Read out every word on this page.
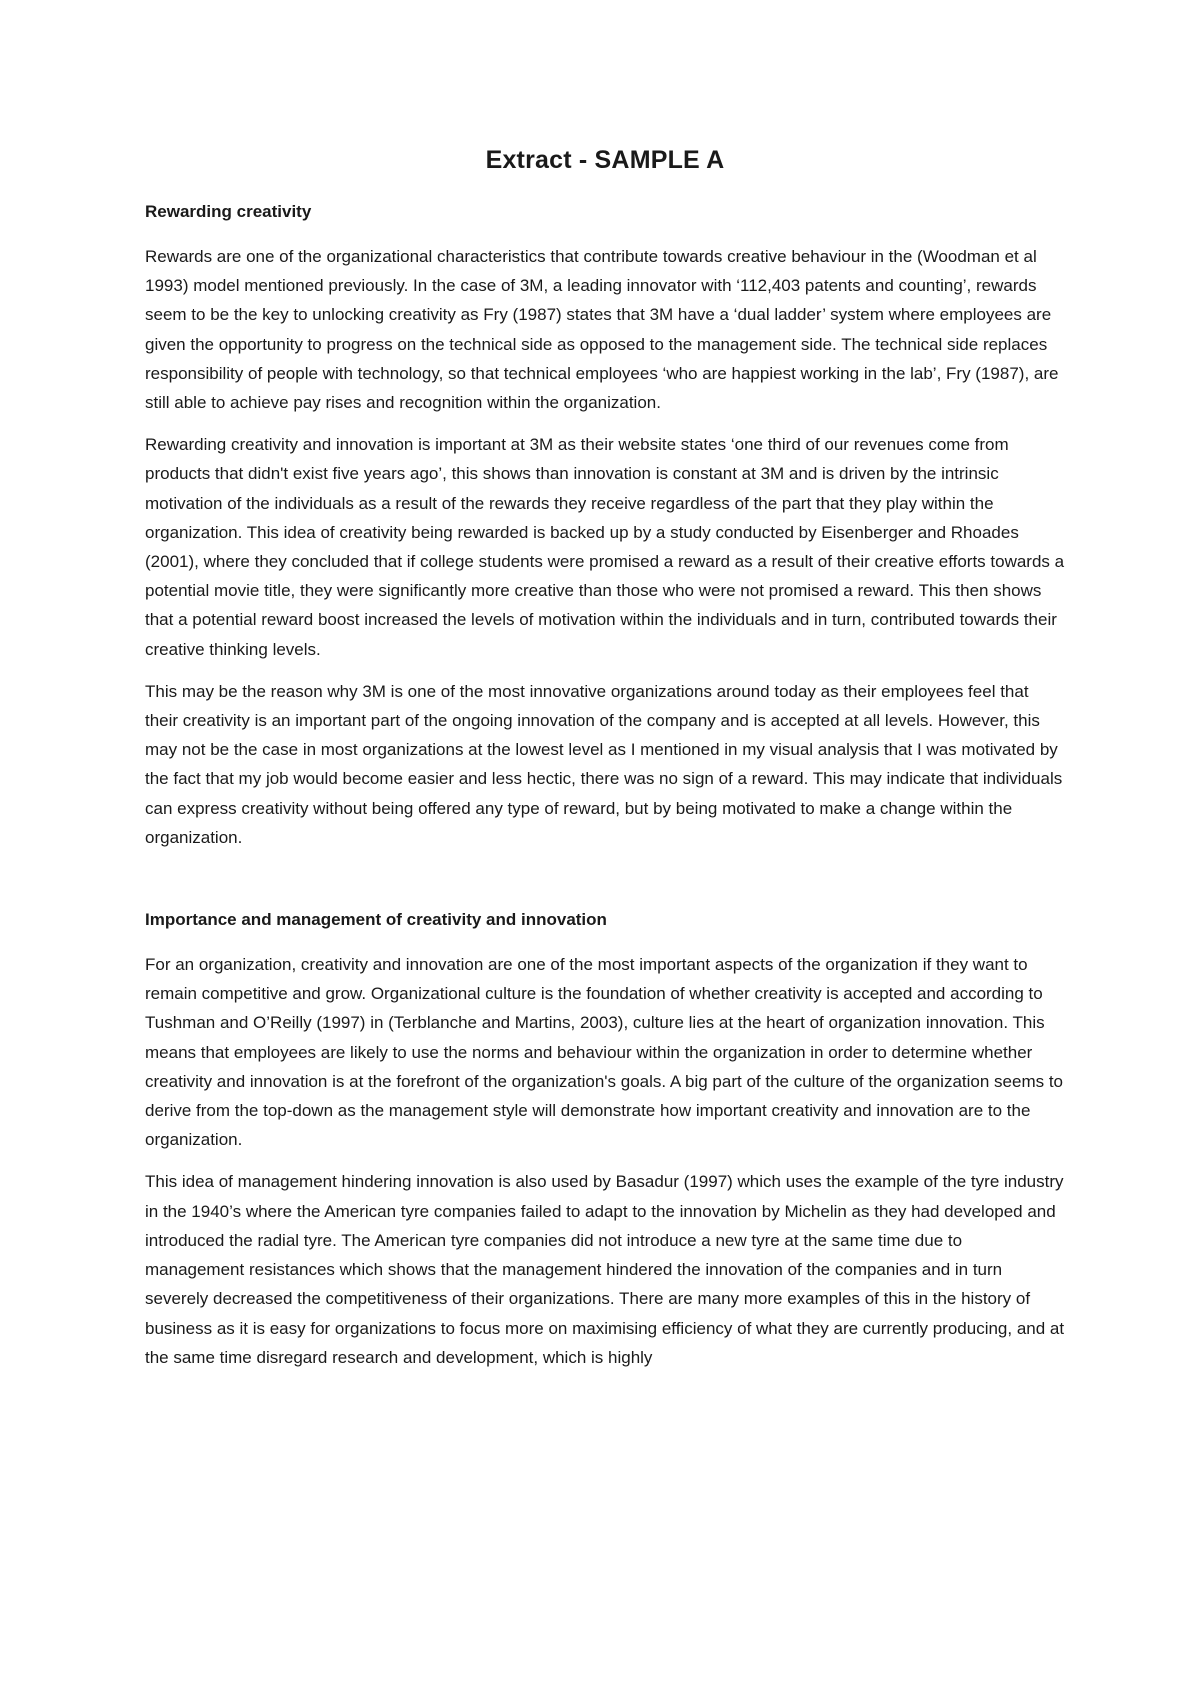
Extract - SAMPLE A
Rewarding creativity

Rewards are one of the organizational characteristics that contribute towards creative behaviour in the (Woodman et al 1993) model mentioned previously. In the case of 3M, a leading innovator with ‘112,403 patents and counting’, rewards seem to be the key to unlocking creativity as Fry (1987) states that 3M have a ‘dual ladder’ system where employees are given the opportunity to progress on the technical side as opposed to the management side. The technical side replaces responsibility of people with technology, so that technical employees ‘who are happiest working in the lab’, Fry (1987), are still able to achieve pay rises and recognition within the organization.

Rewarding creativity and innovation is important at 3M as their website states ‘one third of our revenues come from products that didn't exist five years ago’, this shows than innovation is constant at 3M and is driven by the intrinsic motivation of the individuals as a result of the rewards they receive regardless of the part that they play within the organization. This idea of creativity being rewarded is backed up by a study conducted by Eisenberger and Rhoades (2001), where they concluded that if college students were promised a reward as a result of their creative efforts towards a potential movie title, they were significantly more creative than those who were not promised a reward. This then shows that a potential reward boost increased the levels of motivation within the individuals and in turn, contributed towards their creative thinking levels.

This may be the reason why 3M is one of the most innovative organizations around today as their employees feel that their creativity is an important part of the ongoing innovation of the company and is accepted at all levels. However, this may not be the case in most organizations at the lowest level as I mentioned in my visual analysis that I was motivated by the fact that my job would become easier and less hectic, there was no sign of a reward. This may indicate that individuals can express creativity without being offered any type of reward, but by being motivated to make a change within the organization.

Importance and management of creativity and innovation

For an organization, creativity and innovation are one of the most important aspects of the organization if they want to remain competitive and grow. Organizational culture is the foundation of whether creativity is accepted and according to Tushman and O’Reilly (1997) in (Terblanche and Martins, 2003), culture lies at the heart of organization innovation. This means that employees are likely to use the norms and behaviour within the organization in order to determine whether creativity and innovation is at the forefront of the organization's goals. A big part of the culture of the organization seems to derive from the top-down as the management style will demonstrate how important creativity and innovation are to the organization.

This idea of management hindering innovation is also used by Basadur (1997) which uses the example of the tyre industry in the 1940’s where the American tyre companies failed to adapt to the innovation by Michelin as they had developed and introduced the radial tyre. The American tyre companies did not introduce a new tyre at the same time due to management resistances which shows that the management hindered the innovation of the companies and in turn severely decreased the competitiveness of their organizations. There are many more examples of this in the history of business as it is easy for organizations to focus more on maximising efficiency of what they are currently producing, and at the same time disregard research and development, which is highly
